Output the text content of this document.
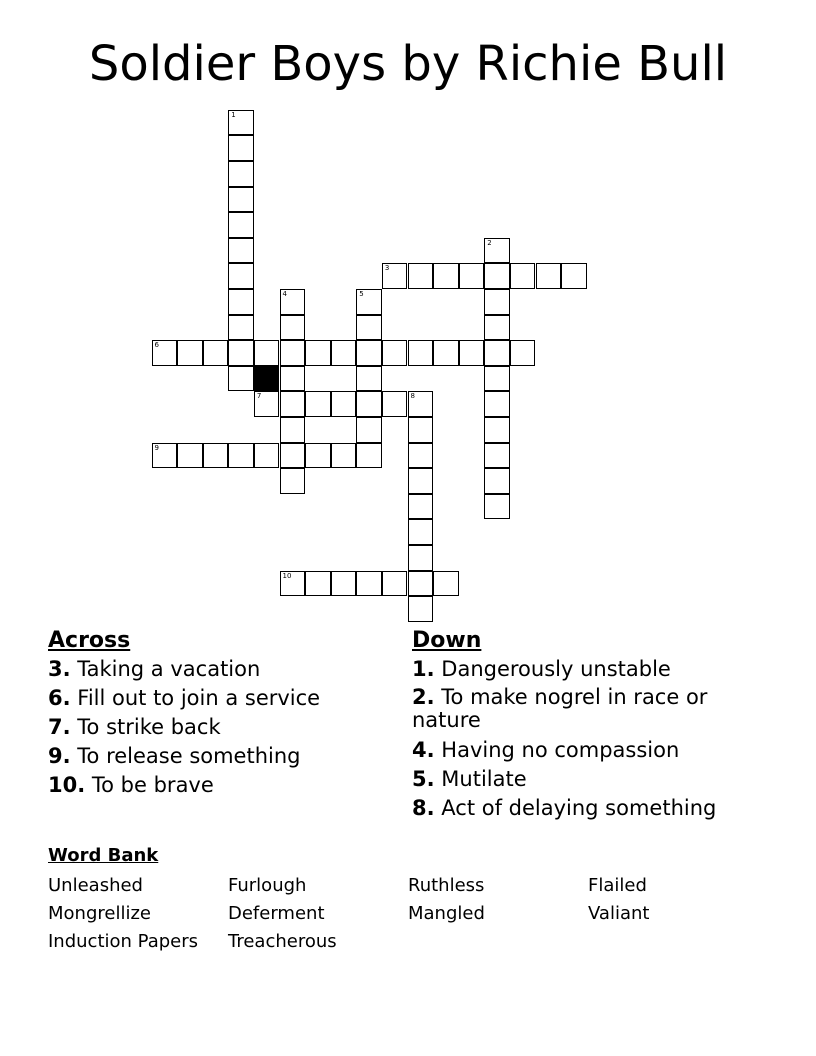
Soldier Boys by Richie Bull
1
2
3
4	5
6
7	8
9
10
Across
3. Taking a vacation
6. Fill out to join a service
7. To strike back
9. To release something
10. To be brave
Down
1. Dangerously unstable
2. To make nogrel in race or nature
4. Having no compassion
5. Mutilate
8. Act of delaying something
Word Bank
Unleashed	Furlough	Ruthless	Flailed
Mongrellize	Deferment	Mangled	Valiant
Induction Papers	Treacherous
